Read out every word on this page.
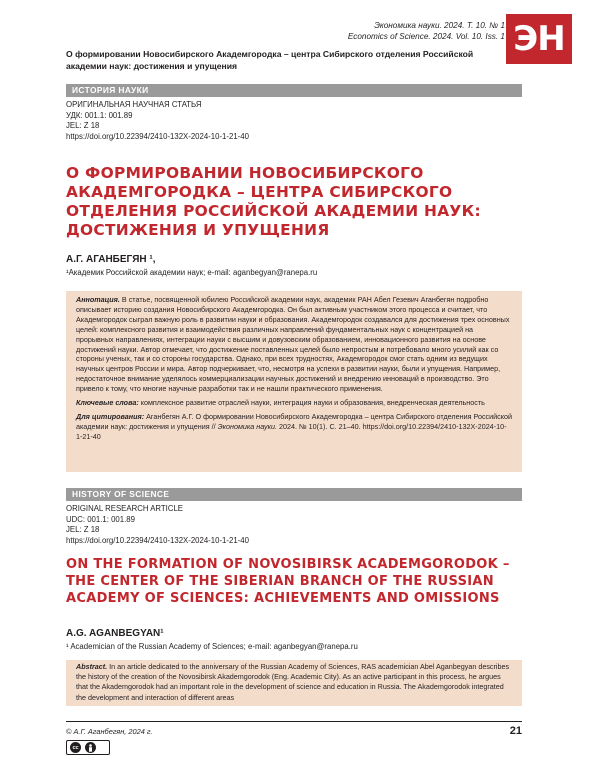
Экономика науки. 2024. Т. 10. № 1
Economics of Science. 2024. Vol. 10. Iss. 1 ЭН
О формировании Новосибирского Академгородка – центра Сибирского отделения Российской академии наук: достижения и упущения
ИСТОРИЯ НАУКИ
ОРИГИНАЛЬНАЯ НАУЧНАЯ СТАТЬЯ
УДК: 001.1: 001.89
JEL: Z 18
https://doi.org/10.22394/2410-132X-2024-10-1-21-40
О ФОРМИРОВАНИИ НОВОСИБИРСКОГО АКАДЕМГОРОДКА – ЦЕНТРА СИБИРСКОГО ОТДЕЛЕНИЯ РОССИЙСКОЙ АКАДЕМИИ НАУК: ДОСТИЖЕНИЯ И УПУЩЕНИЯ
А.Г. АГАНБЕГЯН ¹,
¹Академик Российской академии наук; e-mail: aganbegyan@ranepa.ru

Аннотация. В статье, посвященной юбилею Российской академии наук, академик РАН Абел Гезевич Аганбегян подробно описывает историю создания Новосибирского Академгородка. Он был активным участником этого процесса и считает, что Академгородок сыграл важную роль в развитии науки и образования. Академгородок создавался для достижения трех основных целей: комплексного развития и взаимодействия различных направлений фундаментальных наук с концентрацией на прорывных направлениях, интеграции науки с высшим и довузовским образованием, инновационного развития на основе достижений науки. Автор отмечает, что достижение поставленных целей было непростым и потребовало много усилий как со стороны ученых, так и со стороны государства. Однако, при всех трудностях, Академгородок смог стать одним из ведущих научных центров России и мира. Автор подчеркивает, что, несмотря на успехи в развитии науки, были и упущения. Например, недостаточное внимание уделялось коммерциализации научных достижений и внедрению инноваций в производство. Это привело к тому, что многие научные разработки так и не нашли практического применения.

Ключевые слова: комплексное развитие отраслей науки, интеграция науки и образования, внедренческая деятельность

Для цитирования: Аганбегян А.Г. О формировании Новосибирского Академгородка – центра Сибирского отделения Российской академии наук: достижения и упущения // Экономика науки. 2024. № 10(1). С. 21–40. https://doi.org/10.22394/2410-132X-2024-10-1-21-40

HISTORY OF SCIENCE
ORIGINAL RESEARCH ARTICLE
UDC: 001.1: 001.89
JEL: Z 18
https://doi.org/10.22394/2410-132X-2024-10-1-21-40
ON THE FORMATION OF NOVOSIBIRSK ACADEMGORODOK – THE CENTER OF THE SIBERIAN BRANCH OF THE RUSSIAN ACADEMY OF SCIENCES: ACHIEVEMENTS AND OMISSIONS
A.G. AGANBEGYAN¹
¹ Academician of the Russian Academy of Sciences; e-mail: aganbegyan@ranepa.ru
Abstract. In an article dedicated to the anniversary of the Russian Academy of Sciences, RAS academician Abel Aganbegyan describes the history of the creation of the Novosibirsk Akademgorodok (Eng. Academic City). As an active participant in this process, he argues that the Akademgorodok had an important role in the development of science and education in Russia. The Akademgorodok integrated the development and interaction of different areas
© А.Г. Аганбегян, 2024 г.	21
cc
